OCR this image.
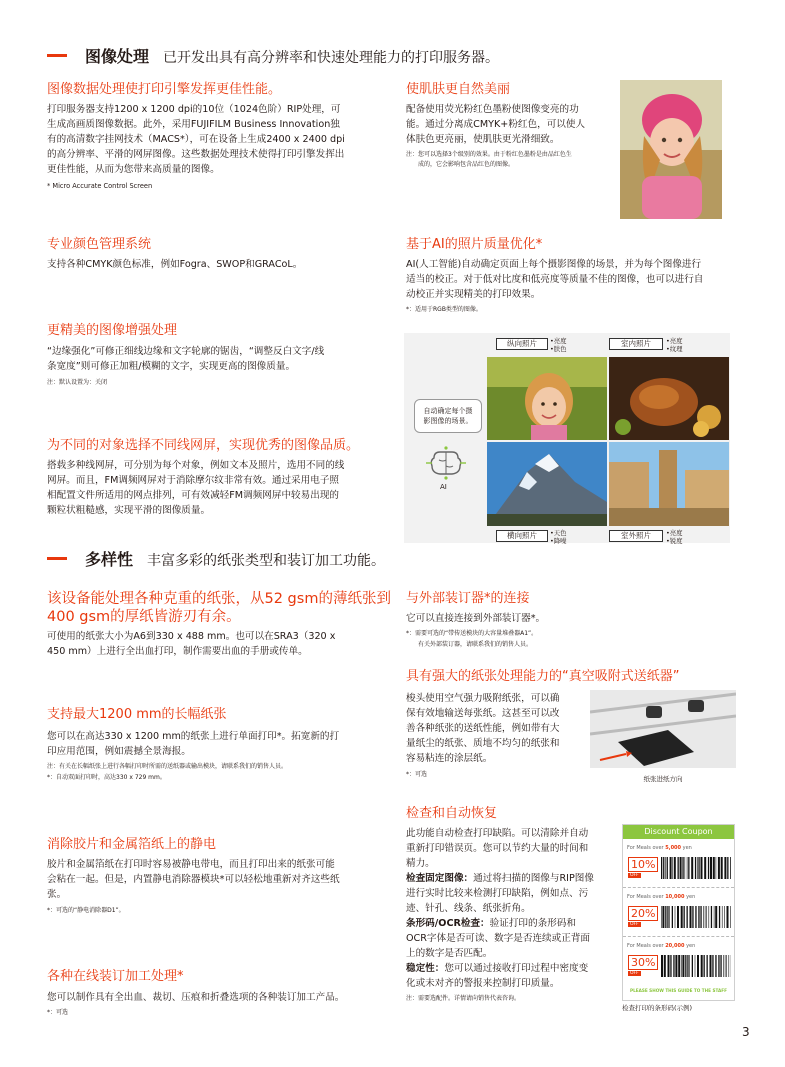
图像处理 已开发出具有高分辨率和快速处理能力的打印服务器。
图像数据处理使打印引擎发挥更佳性能。
打印服务器支持1200 x 1200 dpi的10位（1024色阶）RIP处理，可
生成高画质图像数据。此外，采用FUJIFILM Business Innovation独
有的高清数字挂网技术（MACS*），可在设备上生成2400 x 2400 dpi
的高分辨率、平滑的网屏图像。这些数据处理技术使得打印引擎发挥出
更佳性能，从而为您带来高质量的图像。
* Micro Accurate Control Screen
使肌肤更自然美丽
配备使用荧光粉红色墨粉使图像变亮的功
能。通过分离成CMYK+粉红色，可以使人
体肤色更亮丽，使肌肤更光滑细致。
注：您可以选择3个级别的效果。由于粉红色墨粉是由品红色生
成的，它会影响包含品红色的图像。
专业颜色管理系统
支持各种CMYK颜色标准，例如Fogra、SWOP和GRACoL。
基于AI的照片质量优化*
AI(人工智能)自动确定页面上每个摄影图像的场景，并为每个图像进行
适当的校正。对于低对比度和低亮度等质量不佳的图像，也可以进行自
动校正并实现精美的打印效果。
*：适用于RGB类型的图像。
更精美的图像增强处理
“边缘强化”可修正细线边缘和文字轮廓的锯齿，“调整反白文字/线
条宽度”则可修正加粗/模糊的文字，实现更高的图像质量。
注：默认设置为：关闭
为不同的对象选择不同线网屏，实现优秀的图像品质。
搭载多种线网屏，可分别为每个对象，例如文本及照片，选用不同的线
网屏。而且，FM调频网屏对于消除摩尔纹非常有效。通过采用电子照
相配置文件所适用的网点排列，可有效减轻FM调频网屏中较易出现的
颗粒状粗糙感，实现平滑的图像质量。
纵向照片	•亮度
•肤色
室内照片	•亮度
•纹理
横向照片	•天色
•降噪
室外照片	•亮度
•锐度
自动确定每个摄
影图像的场景。
AI
多样性 丰富多彩的纸张类型和装订加工功能。
该设备能处理各种克重的纸张，从52 gsm的薄纸张到
400 gsm的厚纸皆游刃有余。
可使用的纸张大小为A6到330 x 488 mm。也可以在SRA3（320 x
450 mm）上进行全出血打印，制作需要出血的手册或传单。
支持最大1200 mm的长幅纸张
您可以在高达330 x 1200 mm的纸张上进行单面打印*。拓宽新的打
印应用范围，例如震撼全景海报。
注：有关在长幅纸张上进行各幅打印时所需的送纸器或输出模块，请联系我们的销售人员。
*：自动双面打印时，高达330 x 729 mm。
消除胶片和金属箔纸上的静电
胶片和金属箔纸在打印时容易被静电带电，而且打印出来的纸张可能
会粘在一起。但是，内置静电消除器模块*可以轻松地重新对齐这些纸
张。
*：可选的“静电消除器D1”。
各种在线装订加工处理*
您可以制作具有全出血、裁切、压痕和折叠选项的各种装订加工产品。
*：可选
与外部装订器*的连接
它可以直接连接到外部装订器*。
*：需要可选的“带传送模块的大容量堆叠器A1”。
有关外部装订器，请联系我们的销售人员。
具有强大的纸张处理能力的“真空吸附式送纸器”
梭头使用空气强力吸附纸张，可以确
保有效地输送每张纸。这甚至可以改
善各种纸张的送纸性能，例如带有大
量纸尘的纸张、质地不均匀的纸张和
容易粘连的涂层纸。
*：可选
纸张进纸方向
检查和自动恢复
此功能自动检查打印缺陷。可以清除并自动
重新打印错误页。您可以节约大量的时间和
精力。
检查固定图像：通过将扫描的图像与RIP图像
进行实时比较来检测打印缺陷，例如点、污
迹、针孔、线条、纸张折角。
条形码/OCR检查：验证打印的条形码和
OCR字体是否可读、数字是否连续或正背面
上的数字是否匹配。
稳定性：您可以通过接收打印过程中密度变
化或未对齐的警报来控制打印质量。
注：需要选配件。详情请向销售代表咨询。
Discount Coupon
For Meals over 5,000 yen
10%
OFF
For Meals over 10,000 yen
20%
OFF
For Meals over 20,000 yen
30%
OFF
PLEASE SHOW THIS GUIDE TO THE STAFF
检查打印的条形码(示例)
3
